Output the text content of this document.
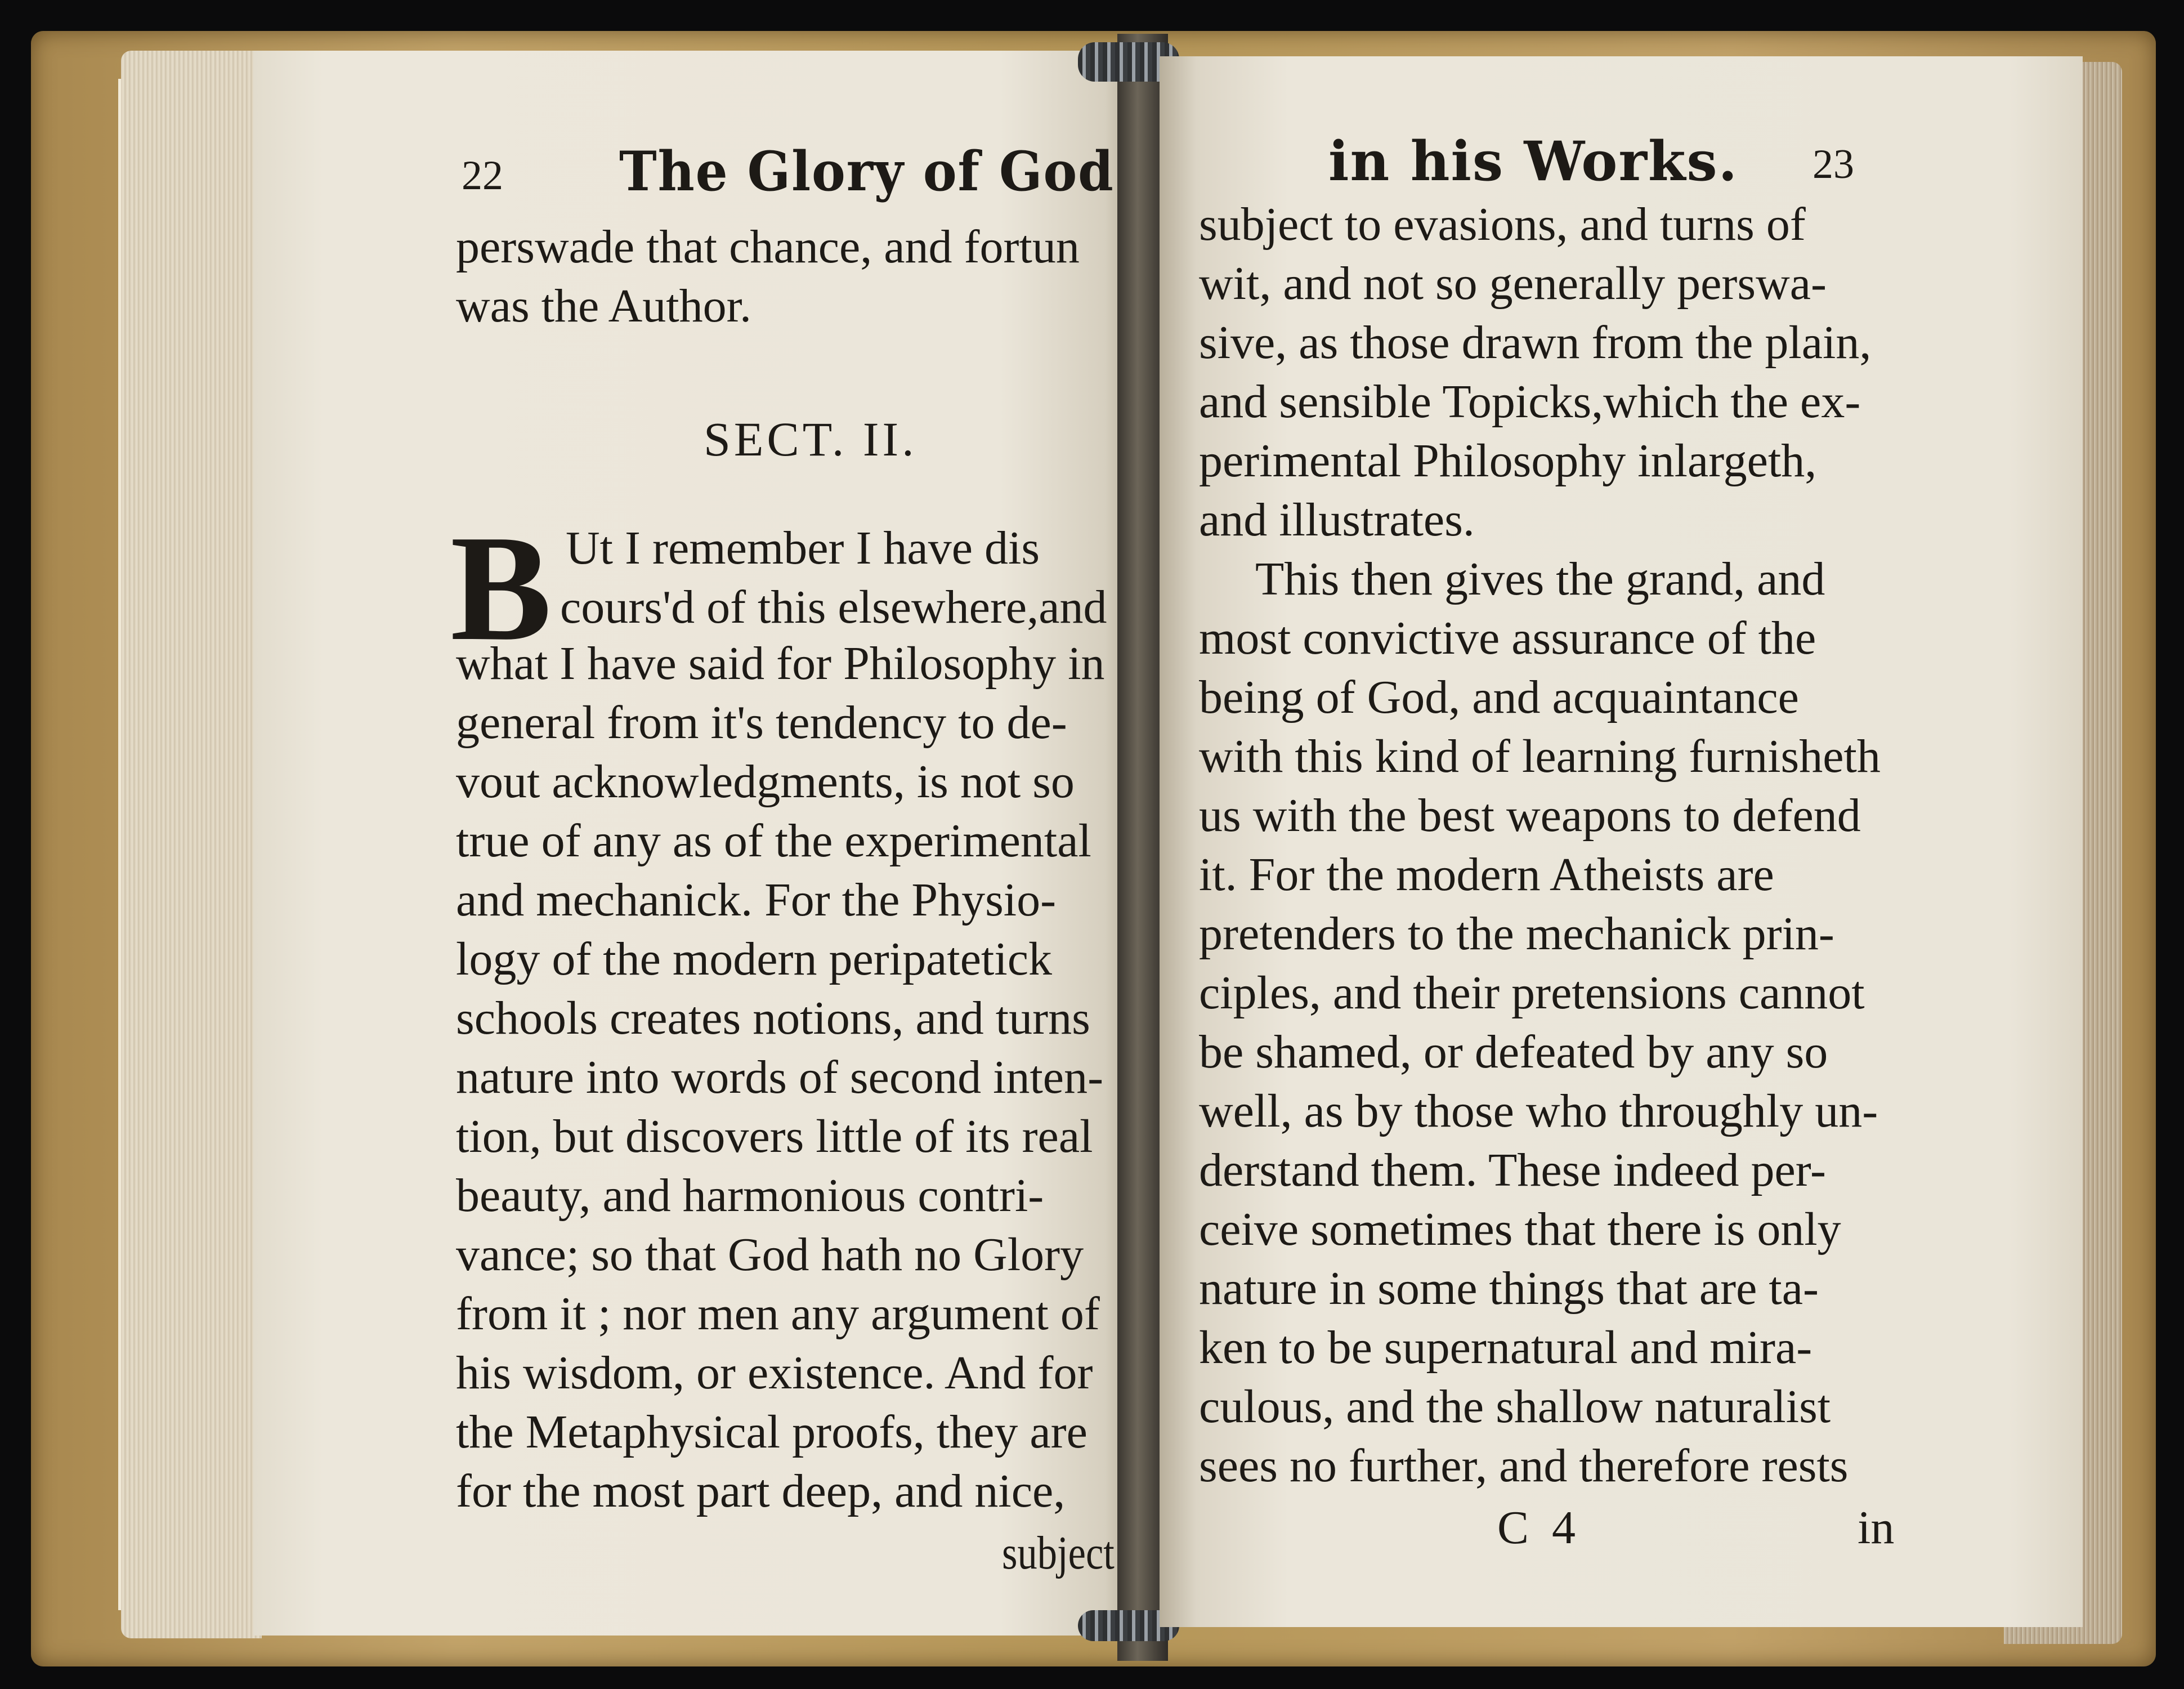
22 The Glory of God
perswade that chance, and fortun
was the Author.
SECT. II.
B Ut I remember I have dis
cours'd of this elsewhere,and
what I have said for Philosophy in
general from it's tendency to de-
vout acknowledgments, is not so
true of any as of the experimental
and mechanick. For the Physio-
logy of the modern peripatetick
schools creates notions, and turns
nature into words of second inten-
tion, but discovers little of its real
beauty, and harmonious contri-
vance; so that God hath no Glory
from it ; nor men any argument of
his wisdom, or existence. And for
the Metaphysical proofs, they are
for the most part deep, and nice,
subject
in his Works. 23
subject to evasions, and turns of
wit, and not so generally perswa-
sive, as those drawn from the plain,
and sensible Topicks,which the ex-
perimental Philosophy inlargeth,
and illustrates.
This then gives the grand, and
most convictive assurance of the
being of God, and acquaintance
with this kind of learning furnisheth
us with the best weapons to defend
it. For the modern Atheists are
pretenders to the mechanick prin-
ciples, and their pretensions cannot
be shamed, or defeated by any so
well, as by those who throughly un-
derstand them. These indeed per-
ceive sometimes that there is only
nature in some things that are ta-
ken to be supernatural and mira-
culous, and the shallow naturalist
sees no further, and therefore rests
C 4	in
